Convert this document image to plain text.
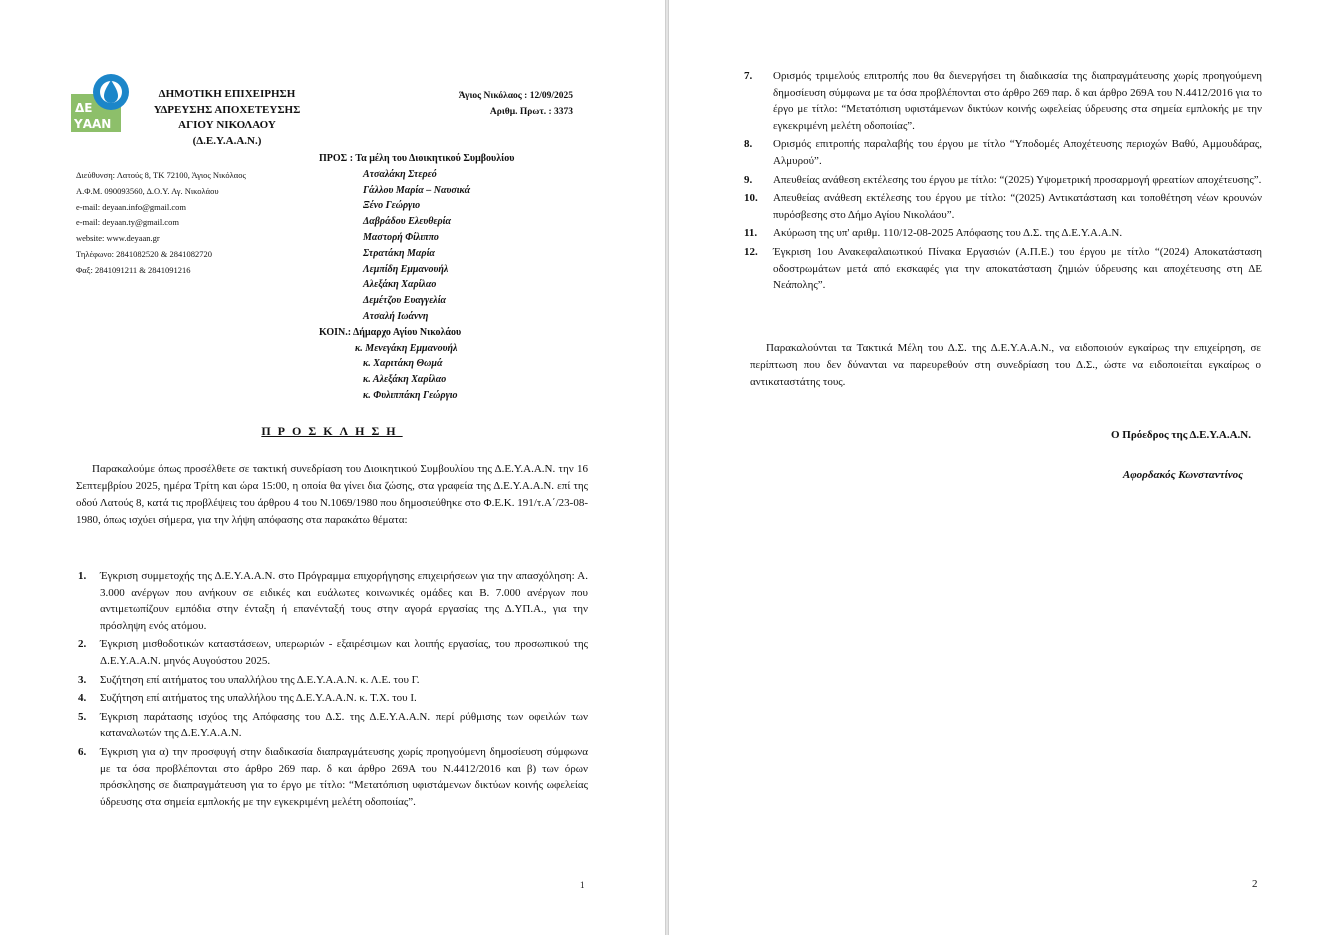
ΔΕ
ΥΑΑΝ
ΔΗΜΟΤΙΚΗ ΕΠΙΧΕΙΡΗΣΗ
ΥΔΡΕΥΣΗΣ ΑΠΟΧΕΤΕΥΣΗΣ
ΑΓΙΟΥ ΝΙΚΟΛΑΟΥ
(Δ.Ε.Υ.Α.Α.Ν.)
Άγιος Νικόλαος : 12/09/2025
Αριθμ. Πρωτ. : 3373
Διεύθυνση: Λατούς 8, ΤΚ 72100, Άγιος Νικόλαος
Α.Φ.Μ. 090093560, Δ.Ο.Υ. Αγ. Νικολάου
e-mail: deyaan.info@gmail.com
e-mail: deyaan.ty@gmail.com
website: www.deyaan.gr
Τηλέφωνο: 2841082520 & 2841082720
Φαξ: 2841091211 & 2841091216
ΠΡΟΣ : Τα μέλη του Διοικητικού Συμβουλίου
Ατσαλάκη Στερεό
Γάλλου Μαρία – Ναυσικά
Ξένο Γεώργιο
Δαβράδου Ελευθερία
Μαστορή Φίλιππο
Στρατάκη Μαρία
Λεμπίδη Εμμανουήλ
Αλεξάκη Χαρίλαο
Δεμέτζου Ευαγγελία
Ατσαλή Ιωάννη
ΚΟΙΝ.: Δήμαρχο Αγίου Νικολάου
κ. Μενεγάκη Εμμανουήλ
κ. Χαριτάκη Θωμά
κ. Αλεξάκη Χαρίλαο
κ. Φυλιππάκη Γεώργιο
ΠΡΟΣΚΛΗΣΗ
Παρακαλούμε όπως προσέλθετε σε τακτική συνεδρίαση του Διοικητικού Συμβουλίου της Δ.Ε.Υ.Α.Α.Ν. την 16 Σεπτεμβρίου 2025, ημέρα Τρίτη και ώρα 15:00, η οποία θα γίνει δια ζώσης, στα γραφεία της Δ.Ε.Υ.Α.Α.Ν. επί της οδού Λατούς 8, κατά τις προβλέψεις του άρθρου 4 του Ν.1069/1980 που δημοσιεύθηκε στο Φ.Ε.Κ. 191/τ.Α΄/23-08-1980, όπως ισχύει σήμερα, για την λήψη απόφασης στα παρακάτω θέματα:
1. Έγκριση συμμετοχής της Δ.Ε.Υ.Α.Α.Ν. στο Πρόγραμμα επιχορήγησης επιχειρήσεων για την απασχόληση: Α. 3.000 ανέργων που ανήκουν σε ειδικές και ευάλωτες κοινωνικές ομάδες και Β. 7.000 ανέργων που αντιμετωπίζουν εμπόδια στην ένταξη ή επανένταξή τους στην αγορά εργασίας της Δ.ΥΠ.Α., για την πρόσληψη ενός ατόμου.
2. Έγκριση μισθοδοτικών καταστάσεων, υπερωριών - εξαιρέσιμων και λοιπής εργασίας, του προσωπικού της Δ.Ε.Υ.Α.Α.Ν. μηνός Αυγούστου 2025.
3. Συζήτηση επί αιτήματος του υπαλλήλου της Δ.Ε.Υ.Α.Α.Ν. κ. Λ.Ε. του Γ.
4. Συζήτηση επί αιτήματος της υπαλλήλου της Δ.Ε.Υ.Α.Α.Ν. κ. Τ.Χ. του Ι.
5. Έγκριση παράτασης ισχύος της Απόφασης του Δ.Σ. της Δ.Ε.Υ.Α.Α.Ν. περί ρύθμισης των οφειλών των καταναλωτών της Δ.Ε.Υ.Α.Α.Ν.
6. Έγκριση για α) την προσφυγή στην διαδικασία διαπραγμάτευσης χωρίς προηγούμενη δημοσίευση σύμφωνα με τα όσα προβλέπονται στο άρθρο 269 παρ. δ και άρθρο 269Α του Ν.4412/2016 και β) των όρων πρόσκλησης σε διαπραγμάτευση για το έργο με τίτλο: “Μετατόπιση υφιστάμενων δικτύων κοινής ωφελείας ύδρευσης στα σημεία εμπλοκής με την εγκεκριμένη μελέτη οδοποιίας”.
1	2
7. Ορισμός τριμελούς επιτροπής που θα διενεργήσει τη διαδικασία της διαπραγμάτευσης χωρίς προηγούμενη δημοσίευση σύμφωνα με τα όσα προβλέπονται στο άρθρο 269 παρ. δ και άρθρο 269Α του Ν.4412/2016 για το έργο με τίτλο: “Μετατόπιση υφιστάμενων δικτύων κοινής ωφελείας ύδρευσης στα σημεία εμπλοκής με την εγκεκριμένη μελέτη οδοποιίας”.
8. Ορισμός επιτροπής παραλαβής του έργου με τίτλο “Υποδομές Αποχέτευσης περιοχών Βαθύ, Αμμουδάρας, Αλμυρού”.
9. Απευθείας ανάθεση εκτέλεσης του έργου με τίτλο: “(2025) Υψομετρική προσαρμογή φρεατίων αποχέτευσης”.
10. Απευθείας ανάθεση εκτέλεσης του έργου με τίτλο: “(2025) Αντικατάσταση και τοποθέτηση νέων κρουνών πυρόσβεσης στο Δήμο Αγίου Νικολάου”.
11. Ακύρωση της υπ' αριθμ. 110/12-08-2025 Απόφασης του Δ.Σ. της Δ.Ε.Υ.Α.Α.Ν.
12. Έγκριση 1ου Ανακεφαλαιωτικού Πίνακα Εργασιών (Α.Π.Ε.) του έργου με τίτλο “(2024) Αποκατάσταση οδοστρωμάτων μετά από εκσκαφές για την αποκατάσταση ζημιών ύδρευσης και αποχέτευσης στη ΔΕ Νεάπολης”.
Παρακαλούνται τα Τακτικά Μέλη του Δ.Σ. της Δ.Ε.Υ.Α.Α.Ν., να ειδοποιούν εγκαίρως την επιχείρηση, σε περίπτωση που δεν δύνανται να παρευρεθούν στη συνεδρίαση του Δ.Σ., ώστε να ειδοποιείται εγκαίρως ο αντικαταστάτης τους.
Ο Πρόεδρος της Δ.Ε.Υ.Α.Α.Ν.
Αφορδακός Κωνσταντίνος
